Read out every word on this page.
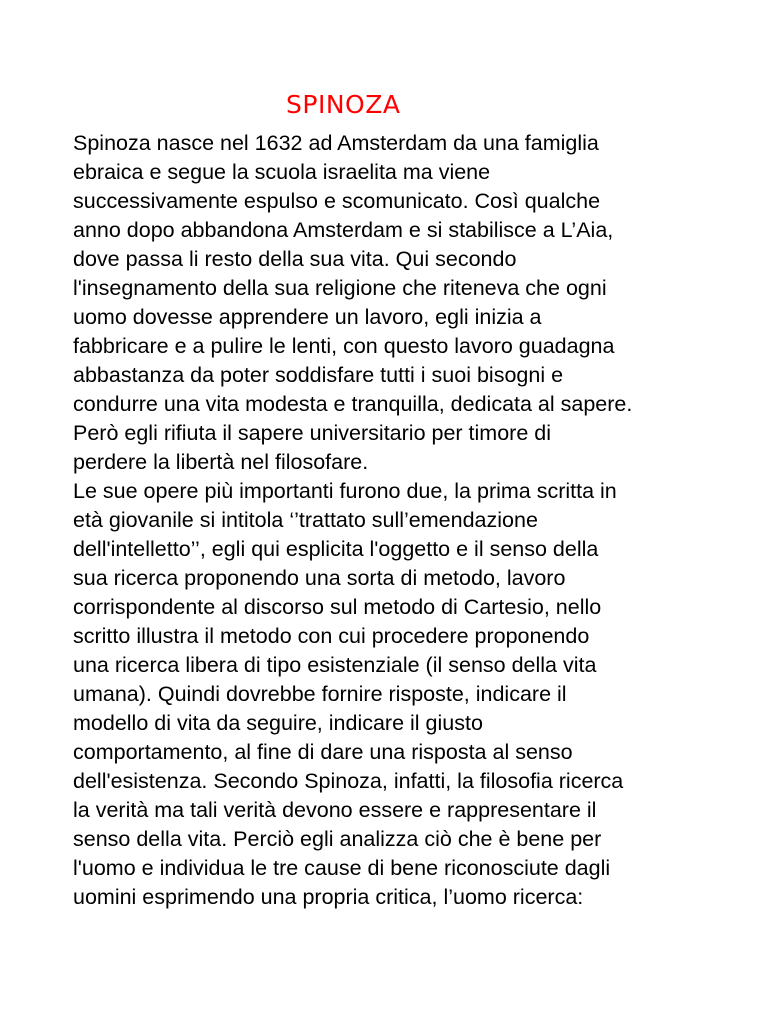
SPINOZA
Spinoza nasce nel 1632 ad Amsterdam da una famiglia
ebraica e segue la scuola israelita ma viene
successivamente espulso e scomunicato. Così qualche
anno dopo abbandona Amsterdam e si stabilisce a L’Aia,
dove passa li resto della sua vita. Qui secondo
l'insegnamento della sua religione che riteneva che ogni
uomo dovesse apprendere un lavoro, egli inizia a
fabbricare e a pulire le lenti, con questo lavoro guadagna
abbastanza da poter soddisfare tutti i suoi bisogni e
condurre una vita modesta e tranquilla, dedicata al sapere.
Però egli rifiuta il sapere universitario per timore di
perdere la libertà nel filosofare.
Le sue opere più importanti furono due, la prima scritta in
età giovanile si intitola ‘’trattato sull’emendazione
dell'intelletto’’, egli qui esplicita l'oggetto e il senso della
sua ricerca proponendo una sorta di metodo, lavoro
corrispondente al discorso sul metodo di Cartesio, nello
scritto illustra il metodo con cui procedere proponendo
una ricerca libera di tipo esistenziale (il senso della vita
umana). Quindi dovrebbe fornire risposte, indicare il
modello di vita da seguire, indicare il giusto
comportamento, al fine di dare una risposta al senso
dell'esistenza. Secondo Spinoza, infatti, la filosofia ricerca
la verità ma tali verità devono essere e rappresentare il
senso della vita. Perciò egli analizza ciò che è bene per
l'uomo e individua le tre cause di bene riconosciute dagli
uomini esprimendo una propria critica, l’uomo ricerca:
